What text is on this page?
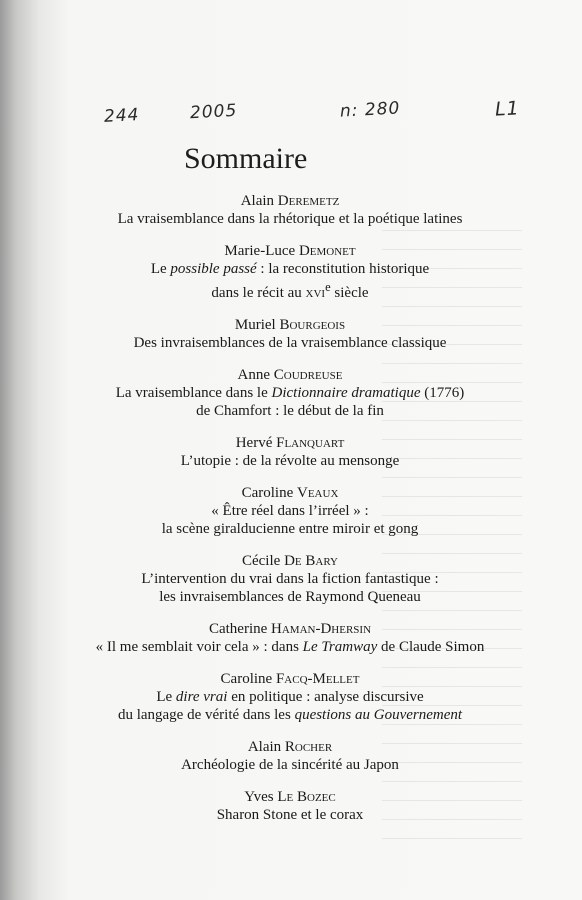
244	2005	n: 280	L1
Sommaire
Alain Deremetz
La vraisemblance dans la rhétorique et la poétique latines
Marie-Luce Demonet
Le possible passé : la reconstitution historique
dans le récit au xvi$^e$ siècle
Muriel Bourgeois
Des invraisemblances de la vraisemblance classique
Anne Coudreuse
La vraisemblance dans le Dictionnaire dramatique (1776)
de Chamfort : le début de la fin
Hervé Flanquart
L’utopie : de la révolte au mensonge
Caroline Veaux
« Être réel dans l’irréel » :
la scène giralducienne entre miroir et gong
Cécile De Bary
L’intervention du vrai dans la fiction fantastique :
les invraisemblances de Raymond Queneau
Catherine Haman-Dhersin
« Il me semblait voir cela » : dans Le Tramway de Claude Simon
Caroline Facq-Mellet
Le dire vrai en politique : analyse discursive
du langage de vérité dans les questions au Gouvernement
Alain Rocher
Archéologie de la sincérité au Japon
Yves Le Bozec
Sharon Stone et le corax
